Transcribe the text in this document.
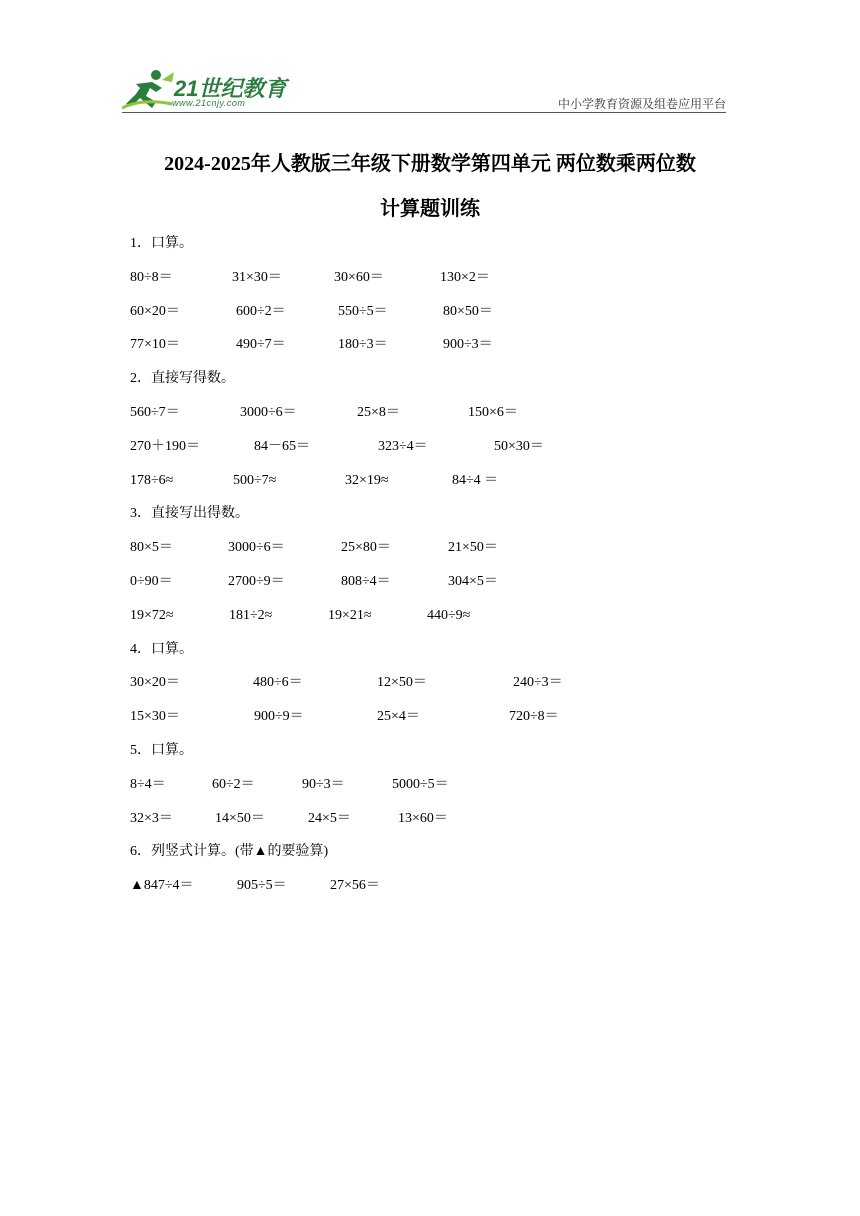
21世纪教育
www.21cnjy.com	中小学教育资源及组卷应用平台
2024-2025年人教版三年级下册数学第四单元 两位数乘两位数
计算题训练
1．口算。
80÷8＝	31×30＝	30×60＝	130×2＝
60×20＝	600÷2＝	550÷5＝	80×50＝
77×10＝	490÷7＝	180÷3＝	900÷3＝
2．直接写得数。
560÷7＝	3000÷6＝	25×8＝	150×6＝
270＋190＝	84－65＝	323÷4＝	50×30＝
178÷6≈	500÷7≈	32×19≈	84÷4 ＝
3．直接写出得数。
80×5＝	3000÷6＝	25×80＝	21×50＝
0÷90＝	2700÷9＝	808÷4＝	304×5＝
19×72≈	181÷2≈	19×21≈	440÷9≈
4．口算。
30×20＝	480÷6＝	12×50＝	240÷3＝
15×30＝	900÷9＝	25×4＝	720÷8＝
5．口算。
8÷4＝	60÷2＝	90÷3＝	5000÷5＝
32×3＝	14×50＝	24×5＝	13×60＝
6．列竖式计算。(带▲的要验算)
▲847÷4＝	905÷5＝	27×56＝
